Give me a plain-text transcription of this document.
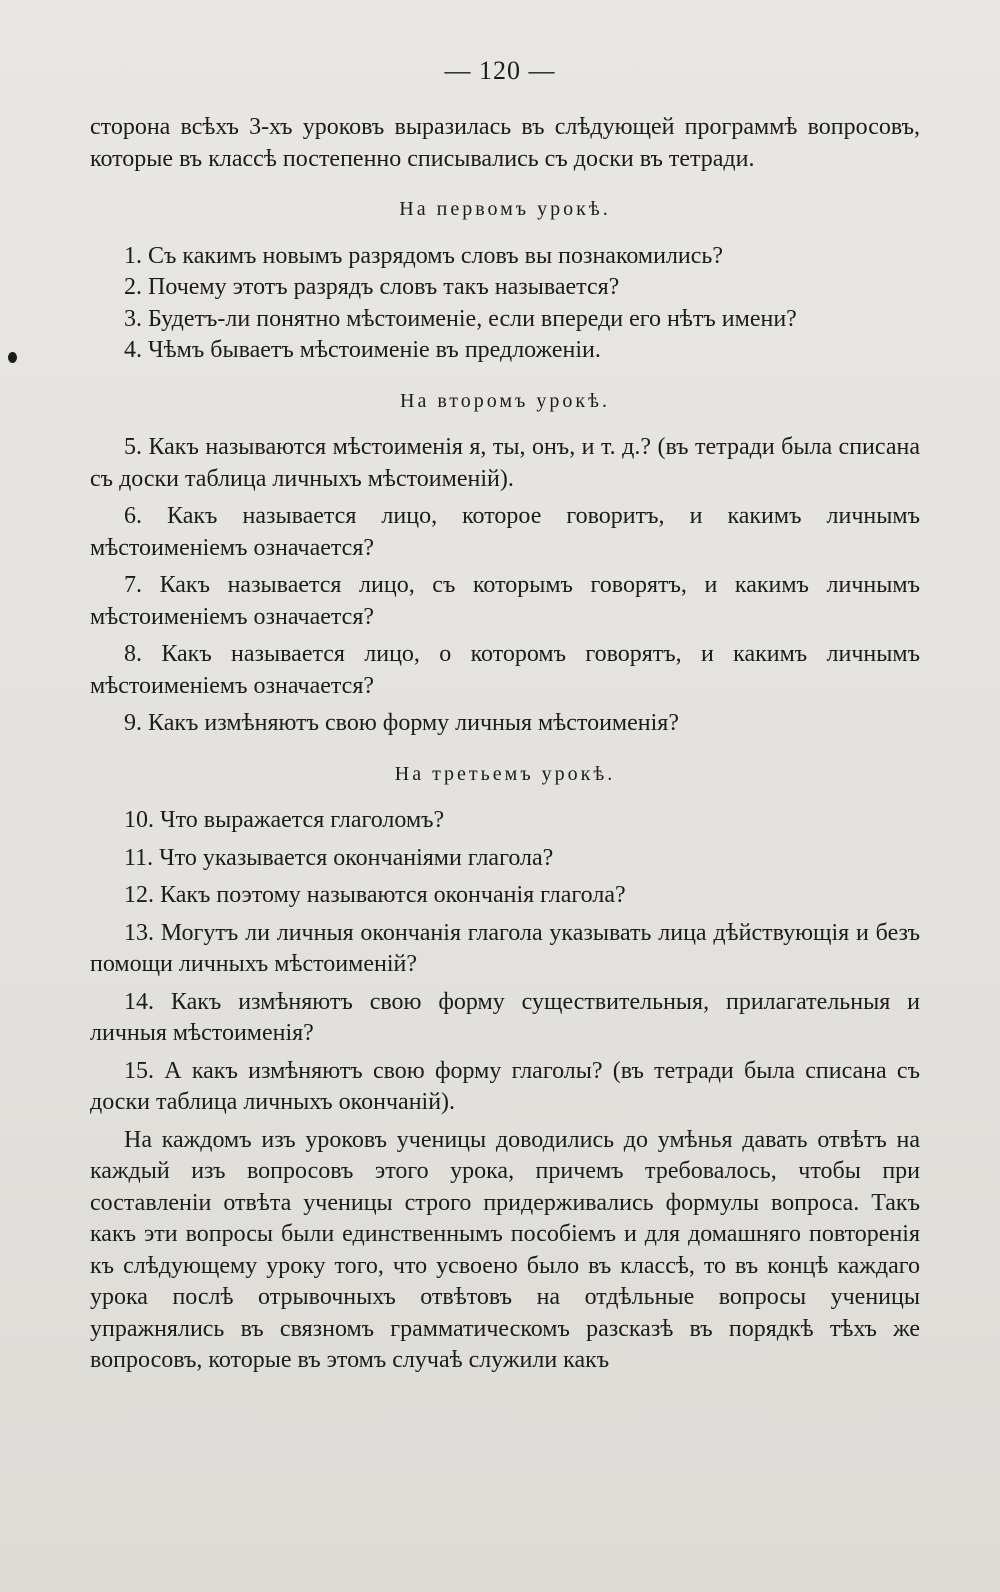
— 120 —

сторона всѣхъ 3-хъ уроковъ выразилась въ слѣдующей программѣ вопросовъ, которые въ классѣ постепенно списывались съ доски въ тетради.

На первомъ урокѣ.

1. Съ какимъ новымъ разрядомъ словъ вы познакомились?

2. Почему этотъ разрядъ словъ такъ называется?

3. Будетъ-ли понятно мѣстоименіе, если впереди его нѣтъ имени?

4. Чѣмъ бываетъ мѣстоименіе въ предложеніи.

На второмъ урокѣ.

5. Какъ называются мѣстоименія я, ты, онъ, и т. д.? (въ тетради была списана съ доски таблица личныхъ мѣстоименій).

6. Какъ называется лицо, которое говоритъ, и какимъ личнымъ мѣстоименіемъ означается?

7. Какъ называется лицо, съ которымъ говорятъ, и какимъ личнымъ мѣстоименіемъ означается?

8. Какъ называется лицо, о которомъ говорятъ, и какимъ личнымъ мѣстоименіемъ означается?

9. Какъ измѣняютъ свою форму личныя мѣстоименія?

На третьемъ урокѣ.

10. Что выражается глаголомъ?

11. Что указывается окончаніями глагола?

12. Какъ поэтому называются окончанія глагола?

13. Могутъ ли личныя окончанія глагола указывать лица дѣйствующія и безъ помощи личныхъ мѣстоименій?

14. Какъ измѣняютъ свою форму существительныя, прилагательныя и личныя мѣстоименія?

15. А какъ измѣняютъ свою форму глаголы? (въ тетради была списана съ доски таблица личныхъ окончаній).

На каждомъ изъ уроковъ ученицы доводились до умѣнья давать отвѣтъ на каждый изъ вопросовъ этого урока, причемъ требовалось, чтобы при составленіи отвѣта ученицы строго придерживались формулы вопроса. Такъ какъ эти вопросы были единственнымъ пособіемъ и для домашняго повторенія къ слѣдующему уроку того, что усвоено было въ классѣ, то въ концѣ каждаго урока послѣ отрывочныхъ отвѣтовъ на отдѣльные вопросы ученицы упражнялись въ связномъ грамматическомъ разсказѣ въ порядкѣ тѣхъ же вопросовъ, которые въ этомъ случаѣ служили какъ
